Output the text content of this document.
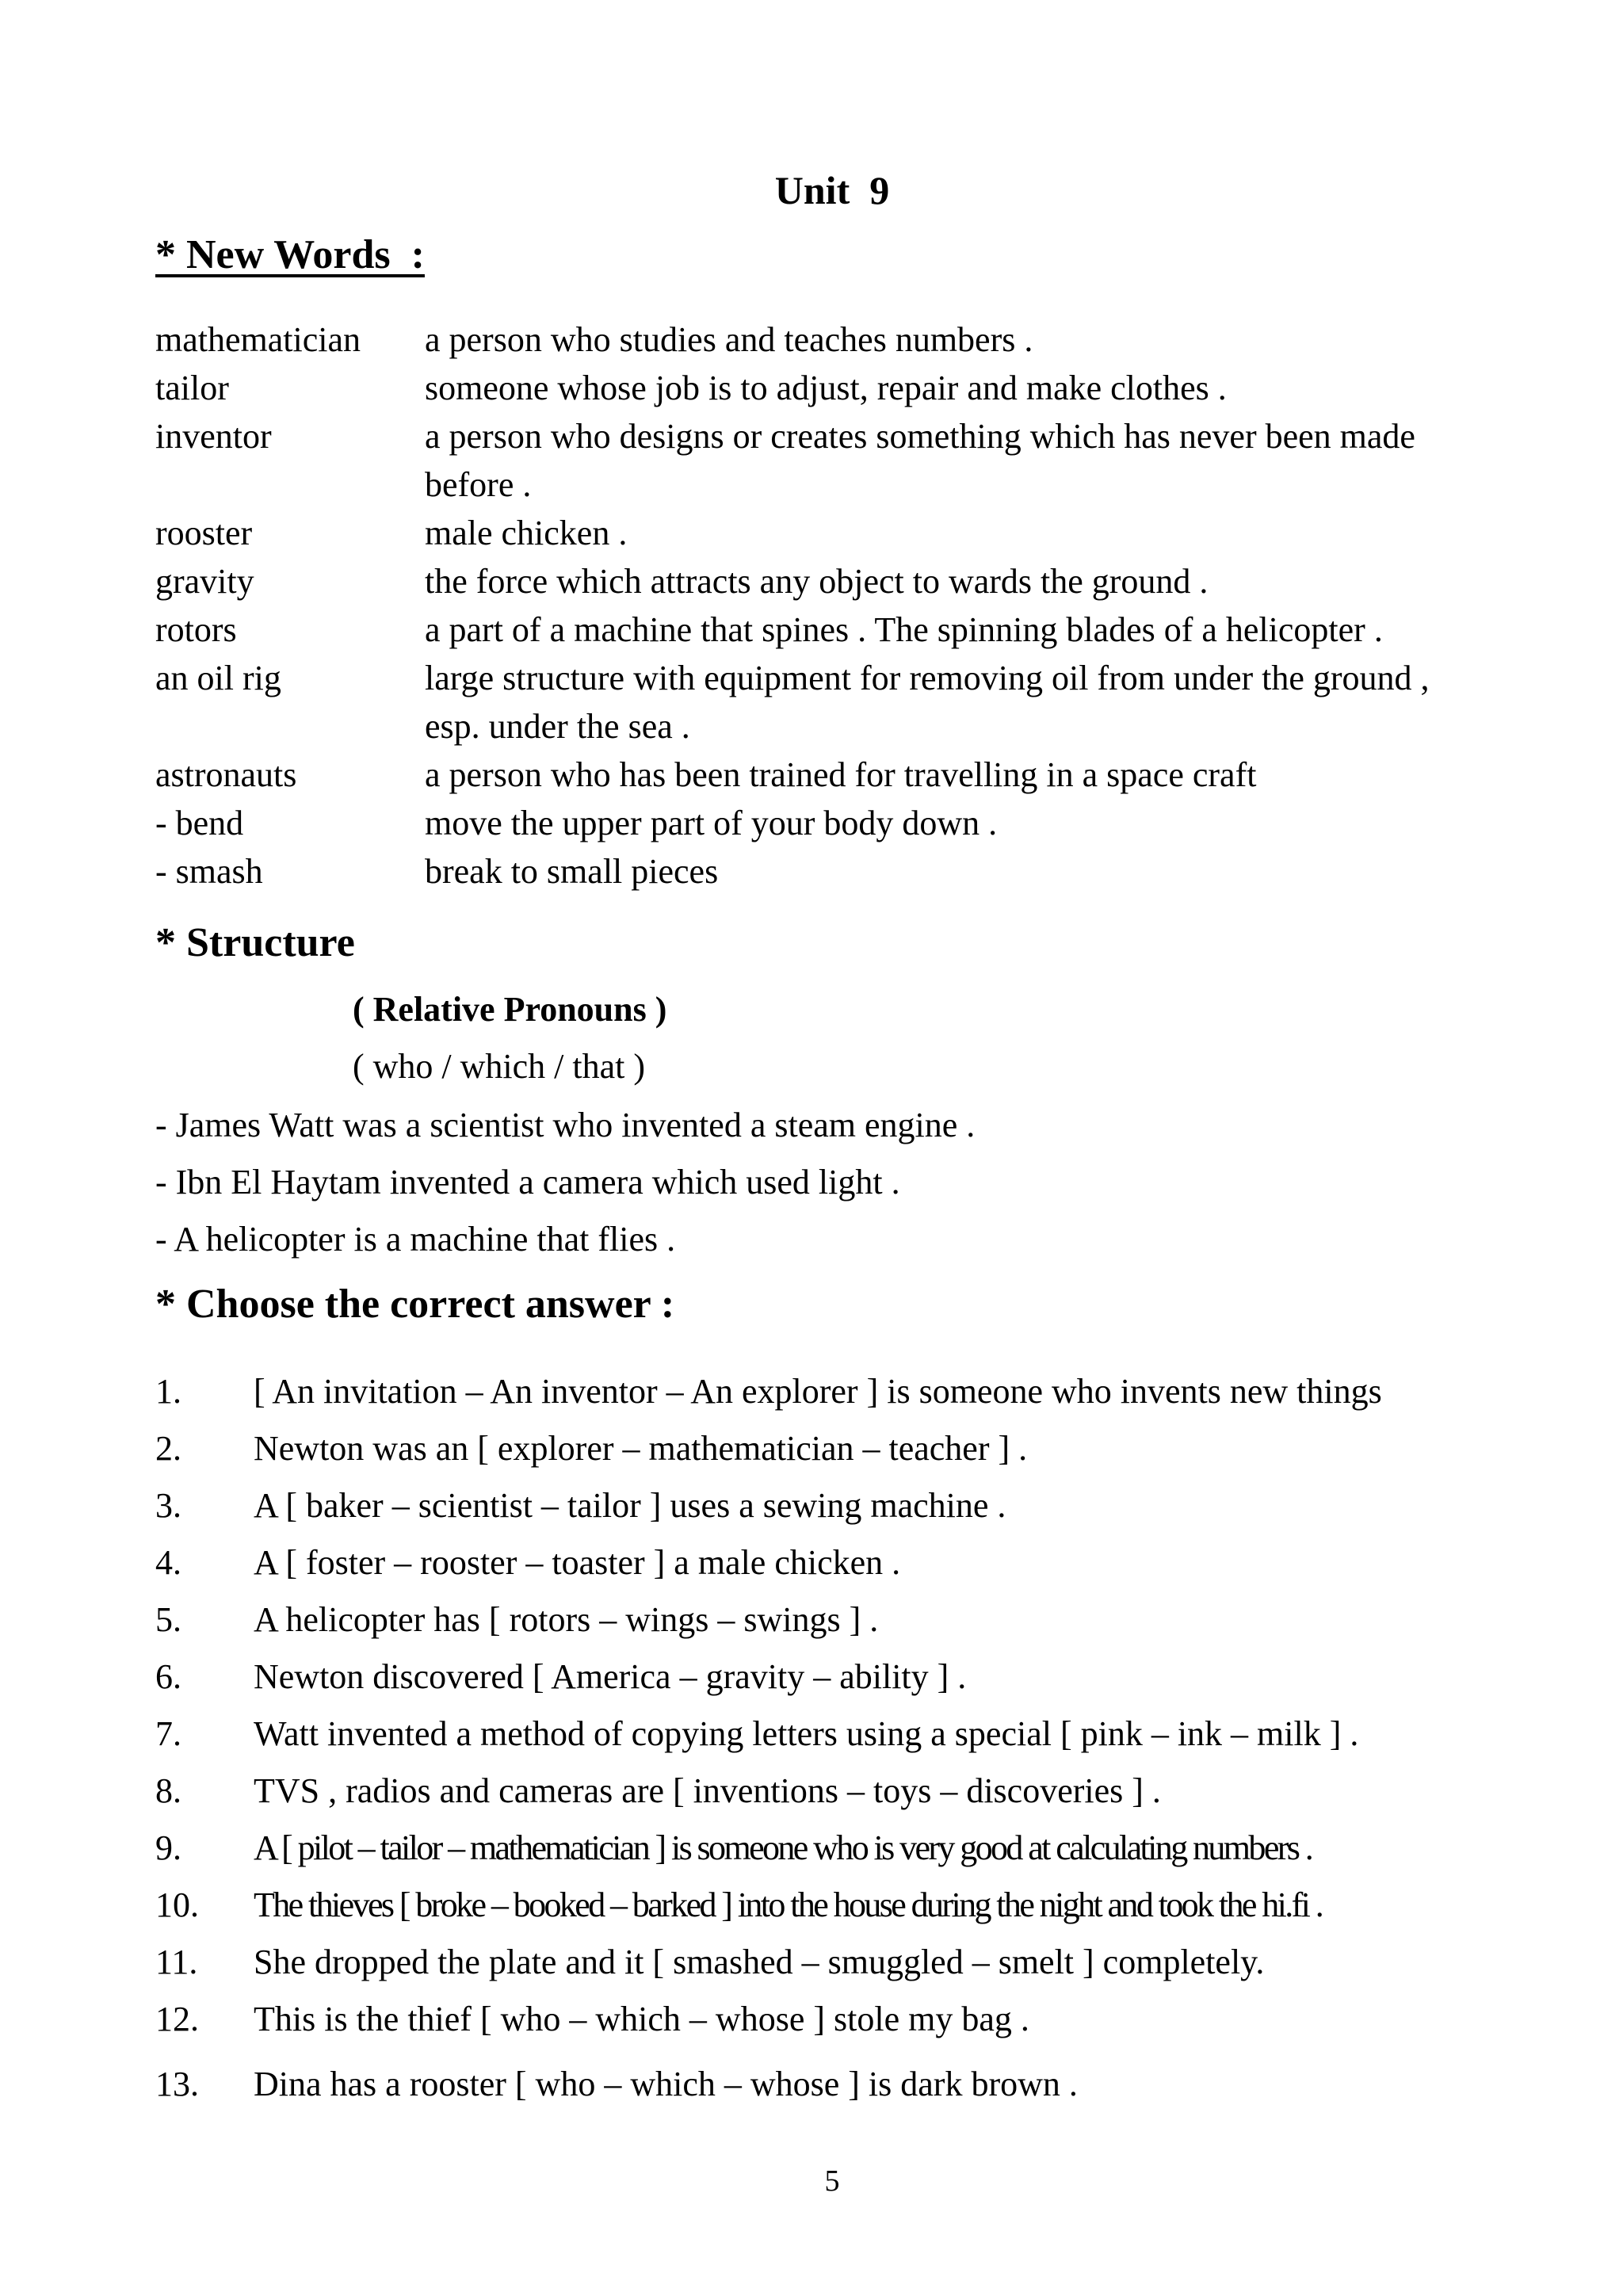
Unit  9
* New Words  :
mathematician	a person who studies and teaches numbers .
tailor	someone whose job is to adjust, repair and make clothes .
inventor	a person who designs or creates something which has never been made before .
rooster	male chicken .
gravity	the force which attracts any object to wards the ground .
rotors	a part of a machine that spines . The spinning blades of a helicopter .
an oil rig	large structure with equipment for removing oil from under the ground , esp. under the sea .
astronauts	a person who has been trained for travelling in a space craft
- bend	move the upper part of your body down .
- smash	break to small pieces
* Structure
( Relative Pronouns )
( who / which / that )
- James Watt was a scientist who invented a steam engine .
- Ibn El Haytam invented a camera which used light .
- A helicopter is a machine that flies .
* Choose the correct answer :
1. [ An invitation – An inventor – An explorer ] is someone who invents new things
2. Newton was an [ explorer – mathematician – teacher ] .
3. A [ baker – scientist – tailor ] uses a sewing machine .
4. A [ foster – rooster – toaster ] a male chicken .
5. A helicopter has [ rotors – wings – swings ] .
6. Newton discovered [ America – gravity – ability ] .
7. Watt invented a method of copying letters using a special [ pink – ink – milk ] .
8. TVS , radios and cameras are [ inventions – toys – discoveries ] .
9. A [ pilot – tailor – mathematician ] is someone who is very good at calculating numbers .
10. The thieves [ broke – booked – barked ] into the house during the night and took the hi.fi .
11. She dropped the plate and it [ smashed – smuggled – smelt ] completely.
12. This is the thief [ who – which – whose ] stole my bag .
13. Dina has a rooster [ who – which – whose ] is dark brown .
5
